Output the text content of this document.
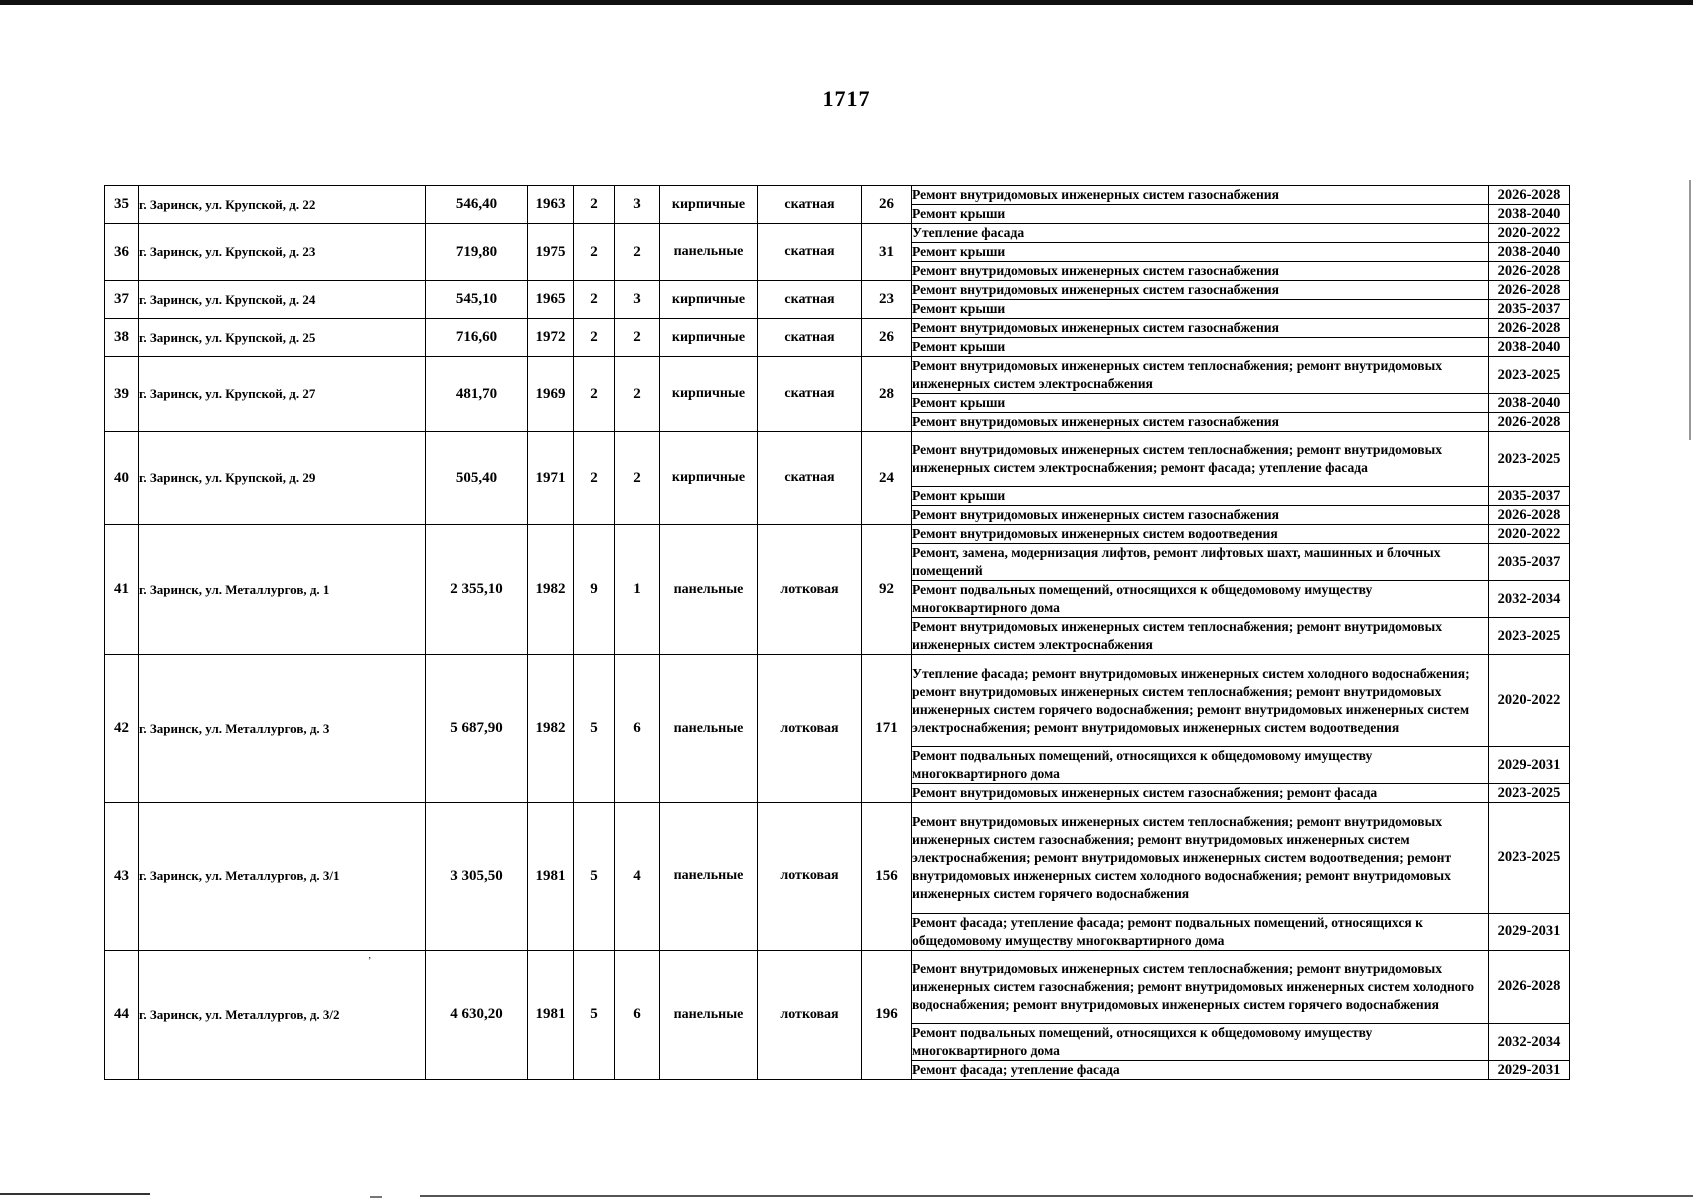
1717
35	г. Заринск, ул. Крупской, д. 22	546,40	1963	2	3	кирпичные	скатная	26	Ремонт внутридомовых инженерных систем газоснабжения	2026-2028
									Ремонт крыши	2038-2040
36	г. Заринск, ул. Крупской, д. 23	719,80	1975	2	2	панельные	скатная	31	Утепление фасада	2020-2022
									Ремонт крыши	2038-2040
									Ремонт внутридомовых инженерных систем газоснабжения	2026-2028
37	г. Заринск, ул. Крупской, д. 24	545,10	1965	2	3	кирпичные	скатная	23	Ремонт внутридомовых инженерных систем газоснабжения	2026-2028
									Ремонт крыши	2035-2037
38	г. Заринск, ул. Крупской, д. 25	716,60	1972	2	2	кирпичные	скатная	26	Ремонт внутридомовых инженерных систем газоснабжения	2026-2028
									Ремонт крыши	2038-2040
39	г. Заринск, ул. Крупской, д. 27	481,70	1969	2	2	кирпичные	скатная	28	Ремонт внутридомовых инженерных систем теплоснабжения; ремонт внутридомовых инженерных систем электроснабжения	2023-2025
									Ремонт крыши	2038-2040
									Ремонт внутридомовых инженерных систем газоснабжения	2026-2028
40	г. Заринск, ул. Крупской, д. 29	505,40	1971	2	2	кирпичные	скатная	24	Ремонт внутридомовых инженерных систем теплоснабжения; ремонт внутридомовых инженерных систем электроснабжения; ремонт фасада; утепление фасада	2023-2025
									Ремонт крыши	2035-2037
									Ремонт внутридомовых инженерных систем газоснабжения	2026-2028
41	г. Заринск, ул. Металлургов, д. 1	2 355,10	1982	9	1	панельные	лотковая	92	Ремонт внутридомовых инженерных систем водоотведения	2020-2022
									Ремонт, замена, модернизация лифтов, ремонт лифтовых шахт, машинных и блочных помещений	2035-2037
									Ремонт подвальных помещений, относящихся к общедомовому имуществу многоквартирного дома	2032-2034
									Ремонт внутридомовых инженерных систем теплоснабжения; ремонт внутридомовых инженерных систем электроснабжения	2023-2025
42	г. Заринск, ул. Металлургов, д. 3	5 687,90	1982	5	6	панельные	лотковая	171	Утепление фасада; ремонт внутридомовых инженерных систем холодного водоснабжения; ремонт внутридомовых инженерных систем теплоснабжения; ремонт внутридомовых инженерных систем горячего водоснабжения; ремонт внутридомовых инженерных систем электроснабжения; ремонт внутридомовых инженерных систем водоотведения	2020-2022
									Ремонт подвальных помещений, относящихся к общедомовому имуществу многоквартирного дома	2029-2031
									Ремонт внутридомовых инженерных систем газоснабжения; ремонт фасада	2023-2025
43	г. Заринск, ул. Металлургов, д. 3/1	3 305,50	1981	5	4	панельные	лотковая	156	Ремонт внутридомовых инженерных систем теплоснабжения; ремонт внутридомовых инженерных систем газоснабжения; ремонт внутридомовых инженерных систем электроснабжения; ремонт внутридомовых инженерных систем водоотведения; ремонт внутридомовых инженерных систем холодного водоснабжения; ремонт внутридомовых инженерных систем горячего водоснабжения	2023-2025
									Ремонт фасада; утепление фасада; ремонт подвальных помещений, относящихся к общедомовому имуществу многоквартирного дома	2029-2031
44	г. Заринск, ул. Металлургов, д. 3/2	4 630,20	1981	5	6	панельные	лотковая	196	Ремонт внутридомовых инженерных систем теплоснабжения; ремонт внутридомовых инженерных систем газоснабжения; ремонт внутридомовых инженерных систем холодного водоснабжения; ремонт внутридомовых инженерных систем горячего водоснабжения	2026-2028
									Ремонт подвальных помещений, относящихся к общедомовому имуществу многоквартирного дома	2032-2034
									Ремонт фасада; утепление фасада	2029-2031
ʼ
